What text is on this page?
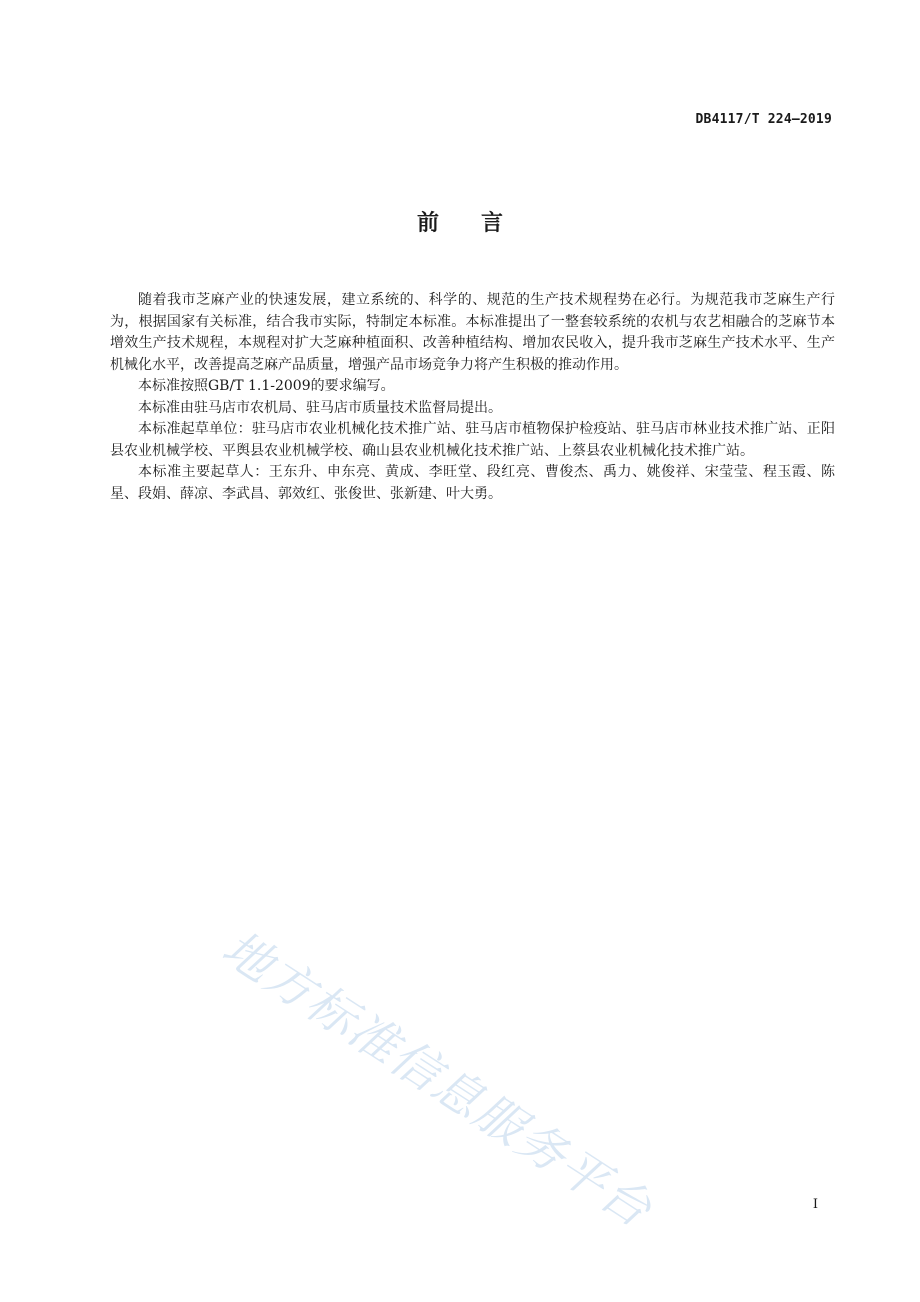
DB4117/T 224—2019
前言

随着我市芝麻产业的快速发展，建立系统的、科学的、规范的生产技术规程势在必行。为规范我市芝麻生产行为，根据国家有关标准，结合我市实际，特制定本标准。本标准提出了一整套较系统的农机与农艺相融合的芝麻节本增效生产技术规程，本规程对扩大芝麻种植面积、改善种植结构、增加农民收入，提升我市芝麻生产技术水平、生产机械化水平，改善提高芝麻产品质量，增强产品市场竞争力将产生积极的推动作用。

本标准按照GB/T 1.1-2009的要求编写。

本标准由驻马店市农机局、驻马店市质量技术监督局提出。

本标准起草单位：驻马店市农业机械化技术推广站、驻马店市植物保护检疫站、驻马店市林业技术推广站、正阳县农业机械学校、平舆县农业机械学校、确山县农业机械化技术推广站、上蔡县农业机械化技术推广站。

本标准主要起草人：王东升、申东亮、黄成、李旺堂、段红亮、曹俊杰、禹力、姚俊祥、宋莹莹、程玉霞、陈星、段娟、薛凉、李武昌、郭效红、张俊世、张新建、叶大勇。

地方标准信息服务平台	I
